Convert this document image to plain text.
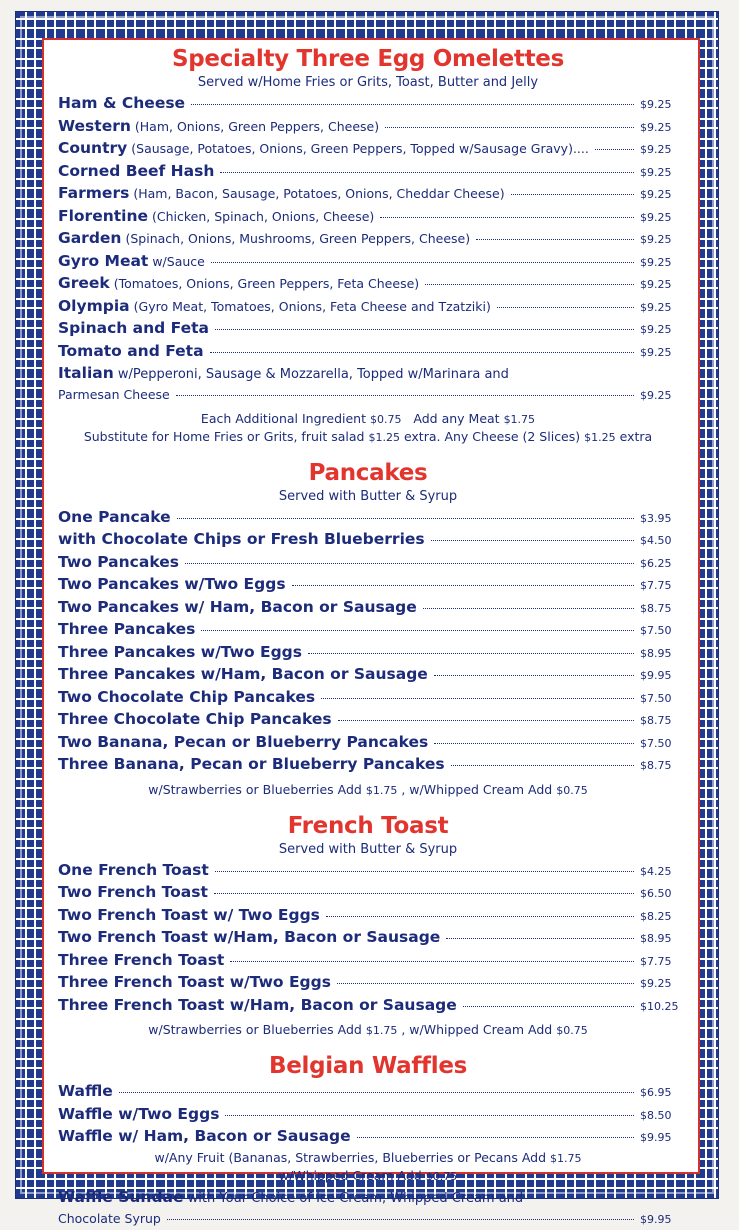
Specialty Three Egg Omelettes
Served w/Home Fries or Grits, Toast, Butter and Jelly
Ham & Cheese	$9.25
Western (Ham, Onions, Green Peppers, Cheese)	$9.25
Country (Sausage, Potatoes, Onions, Green Peppers, Topped w/Sausage Gravy)....	$9.25
Corned Beef Hash	$9.25
Farmers (Ham, Bacon, Sausage, Potatoes, Onions, Cheddar Cheese)	$9.25
Florentine (Chicken, Spinach, Onions, Cheese)	$9.25
Garden (Spinach, Onions, Mushrooms, Green Peppers, Cheese)	$9.25
Gyro Meat w/Sauce	$9.25
Greek (Tomatoes, Onions, Green Peppers, Feta Cheese)	$9.25
Olympia (Gyro Meat, Tomatoes, Onions, Feta Cheese and Tzatziki)	$9.25
Spinach and Feta	$9.25
Tomato and Feta	$9.25
Italian w/Pepperoni, Sausage & Mozzarella, Topped w/Marinara and
Parmesan Cheese	$9.25
Each Additional Ingredient $0.75 Add any Meat $1.75
Substitute for Home Fries or Grits, fruit salad $1.25 extra. Any Cheese (2 Slices) $1.25 extra
Pancakes
Served with Butter & Syrup
One Pancake	$3.95
with Chocolate Chips or Fresh Blueberries	$4.50
Two Pancakes	$6.25
Two Pancakes w/Two Eggs	$7.75
Two Pancakes w/ Ham, Bacon or Sausage	$8.75
Three Pancakes	$7.50
Three Pancakes w/Two Eggs	$8.95
Three Pancakes w/Ham, Bacon or Sausage	$9.95
Two Chocolate Chip Pancakes	$7.50
Three Chocolate Chip Pancakes	$8.75
Two Banana, Pecan or Blueberry Pancakes	$7.50
Three Banana, Pecan or Blueberry Pancakes	$8.75
w/Strawberries or Blueberries Add $1.75 , w/Whipped Cream Add $0.75
French Toast
Served with Butter & Syrup
One French Toast	$4.25
Two French Toast	$6.50
Two French Toast w/ Two Eggs	$8.25
Two French Toast w/Ham, Bacon or Sausage	$8.95
Three French Toast	$7.75
Three French Toast w/Two Eggs	$9.25
Three French Toast w/Ham, Bacon or Sausage	$10.25
w/Strawberries or Blueberries Add $1.75 , w/Whipped Cream Add $0.75
Belgian Waffles
Waffle	$6.95
Waffle w/Two Eggs	$8.50
Waffle w/ Ham, Bacon or Sausage	$9.95
w/Any Fruit (Bananas, Strawberries, Blueberries or Pecans Add $1.75
w/Whipped Cream Add $0.75
Waffle Sundae with Your Choice of Ice Cream, Whipped Cream and
Chocolate Syrup	$9.95
